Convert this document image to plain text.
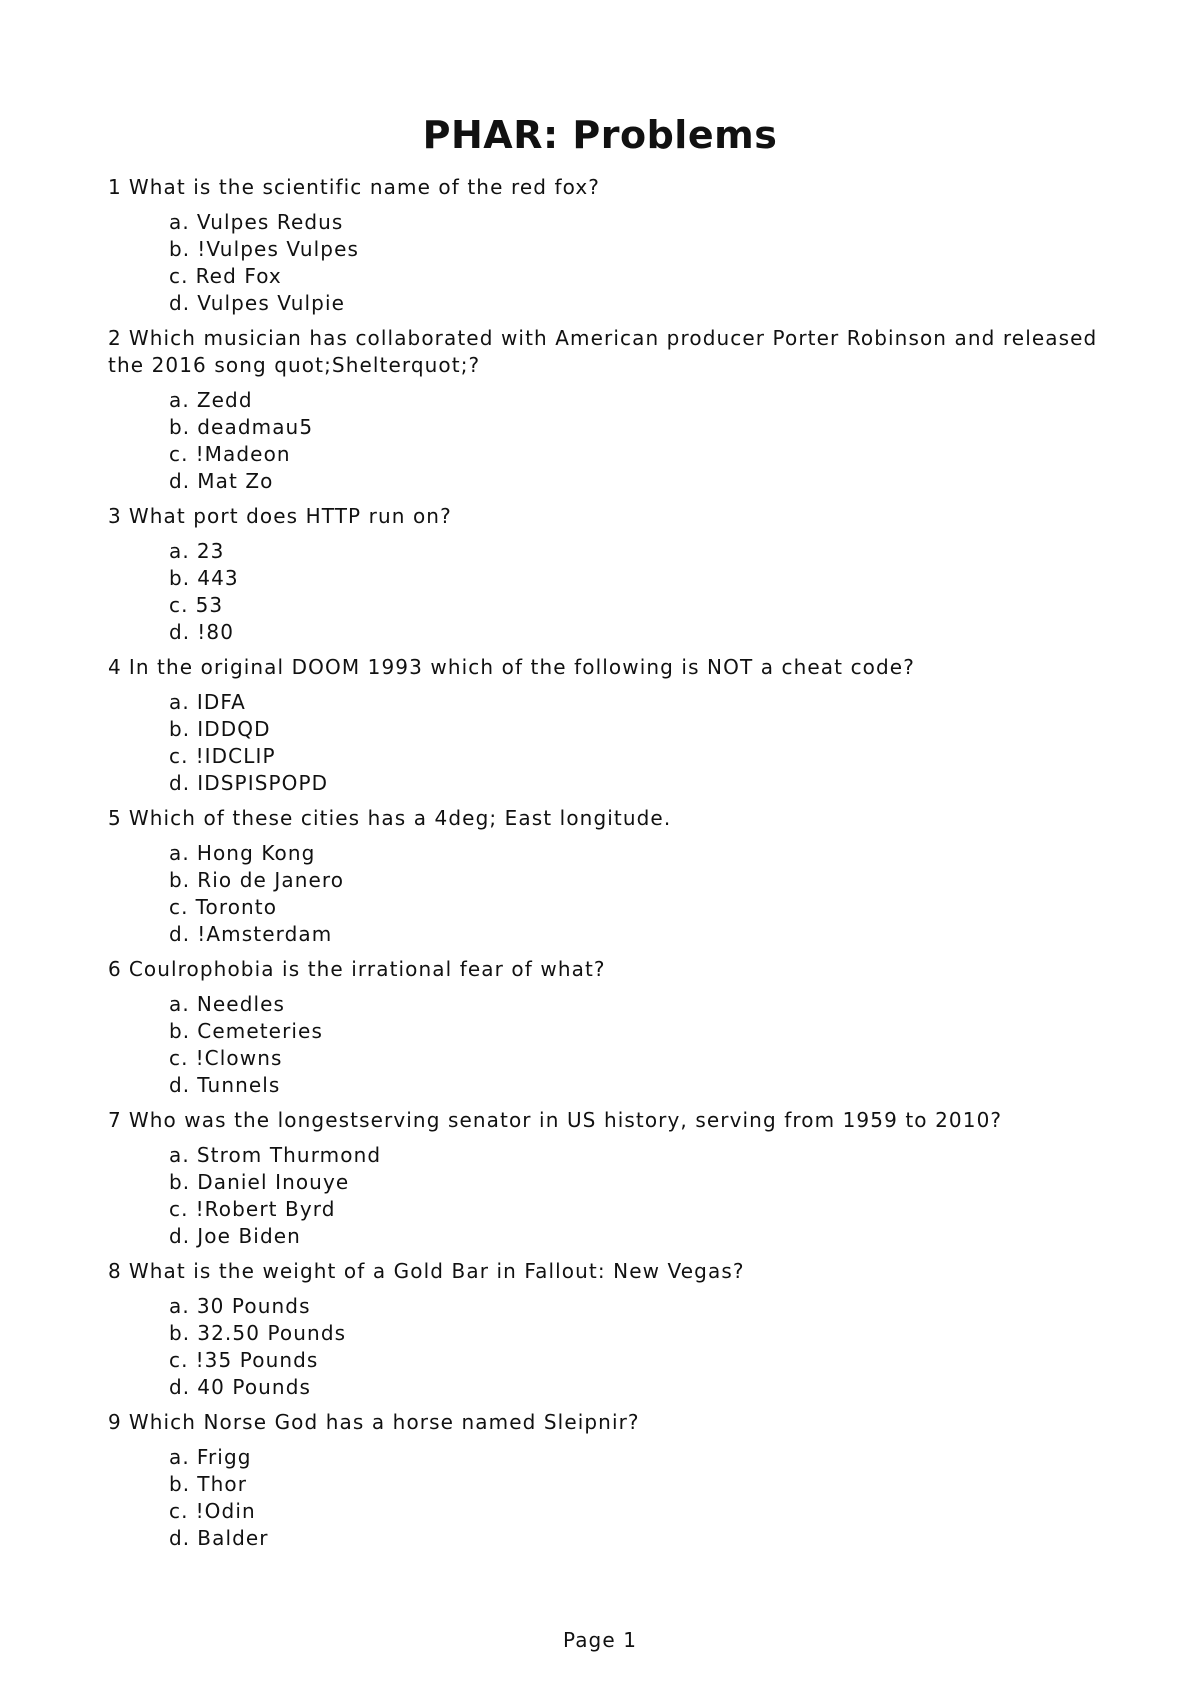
PHAR: Problems

1 What is the scientific name of the red fox?

a. Vulpes Redus
b. !Vulpes Vulpes
c. Red Fox
d. Vulpes Vulpie

2 Which musician has collaborated with American producer Porter Robinson and released the 2016 song quot;Shelterquot;?

a. Zedd
b. deadmau5
c. !Madeon
d. Mat Zo

3 What port does HTTP run on?

a. 23
b. 443
c. 53
d. !80

4 In the original DOOM 1993 which of the following is NOT a cheat code?

a. IDFA
b. IDDQD
c. !IDCLIP
d. IDSPISPOPD

5 Which of these cities has a 4deg; East longitude.

a. Hong Kong
b. Rio de Janero
c. Toronto
d. !Amsterdam

6 Coulrophobia is the irrational fear of what?

a. Needles
b. Cemeteries
c. !Clowns
d. Tunnels

7 Who was the longestserving senator in US history, serving from 1959 to 2010?

a. Strom Thurmond
b. Daniel Inouye
c. !Robert Byrd
d. Joe Biden

8 What is the weight of a Gold Bar in Fallout: New Vegas?

a. 30 Pounds
b. 32.50 Pounds
c. !35 Pounds
d. 40 Pounds

9 Which Norse God has a horse named Sleipnir?

a. Frigg
b. Thor
c. !Odin
d. Balder
Page 1
